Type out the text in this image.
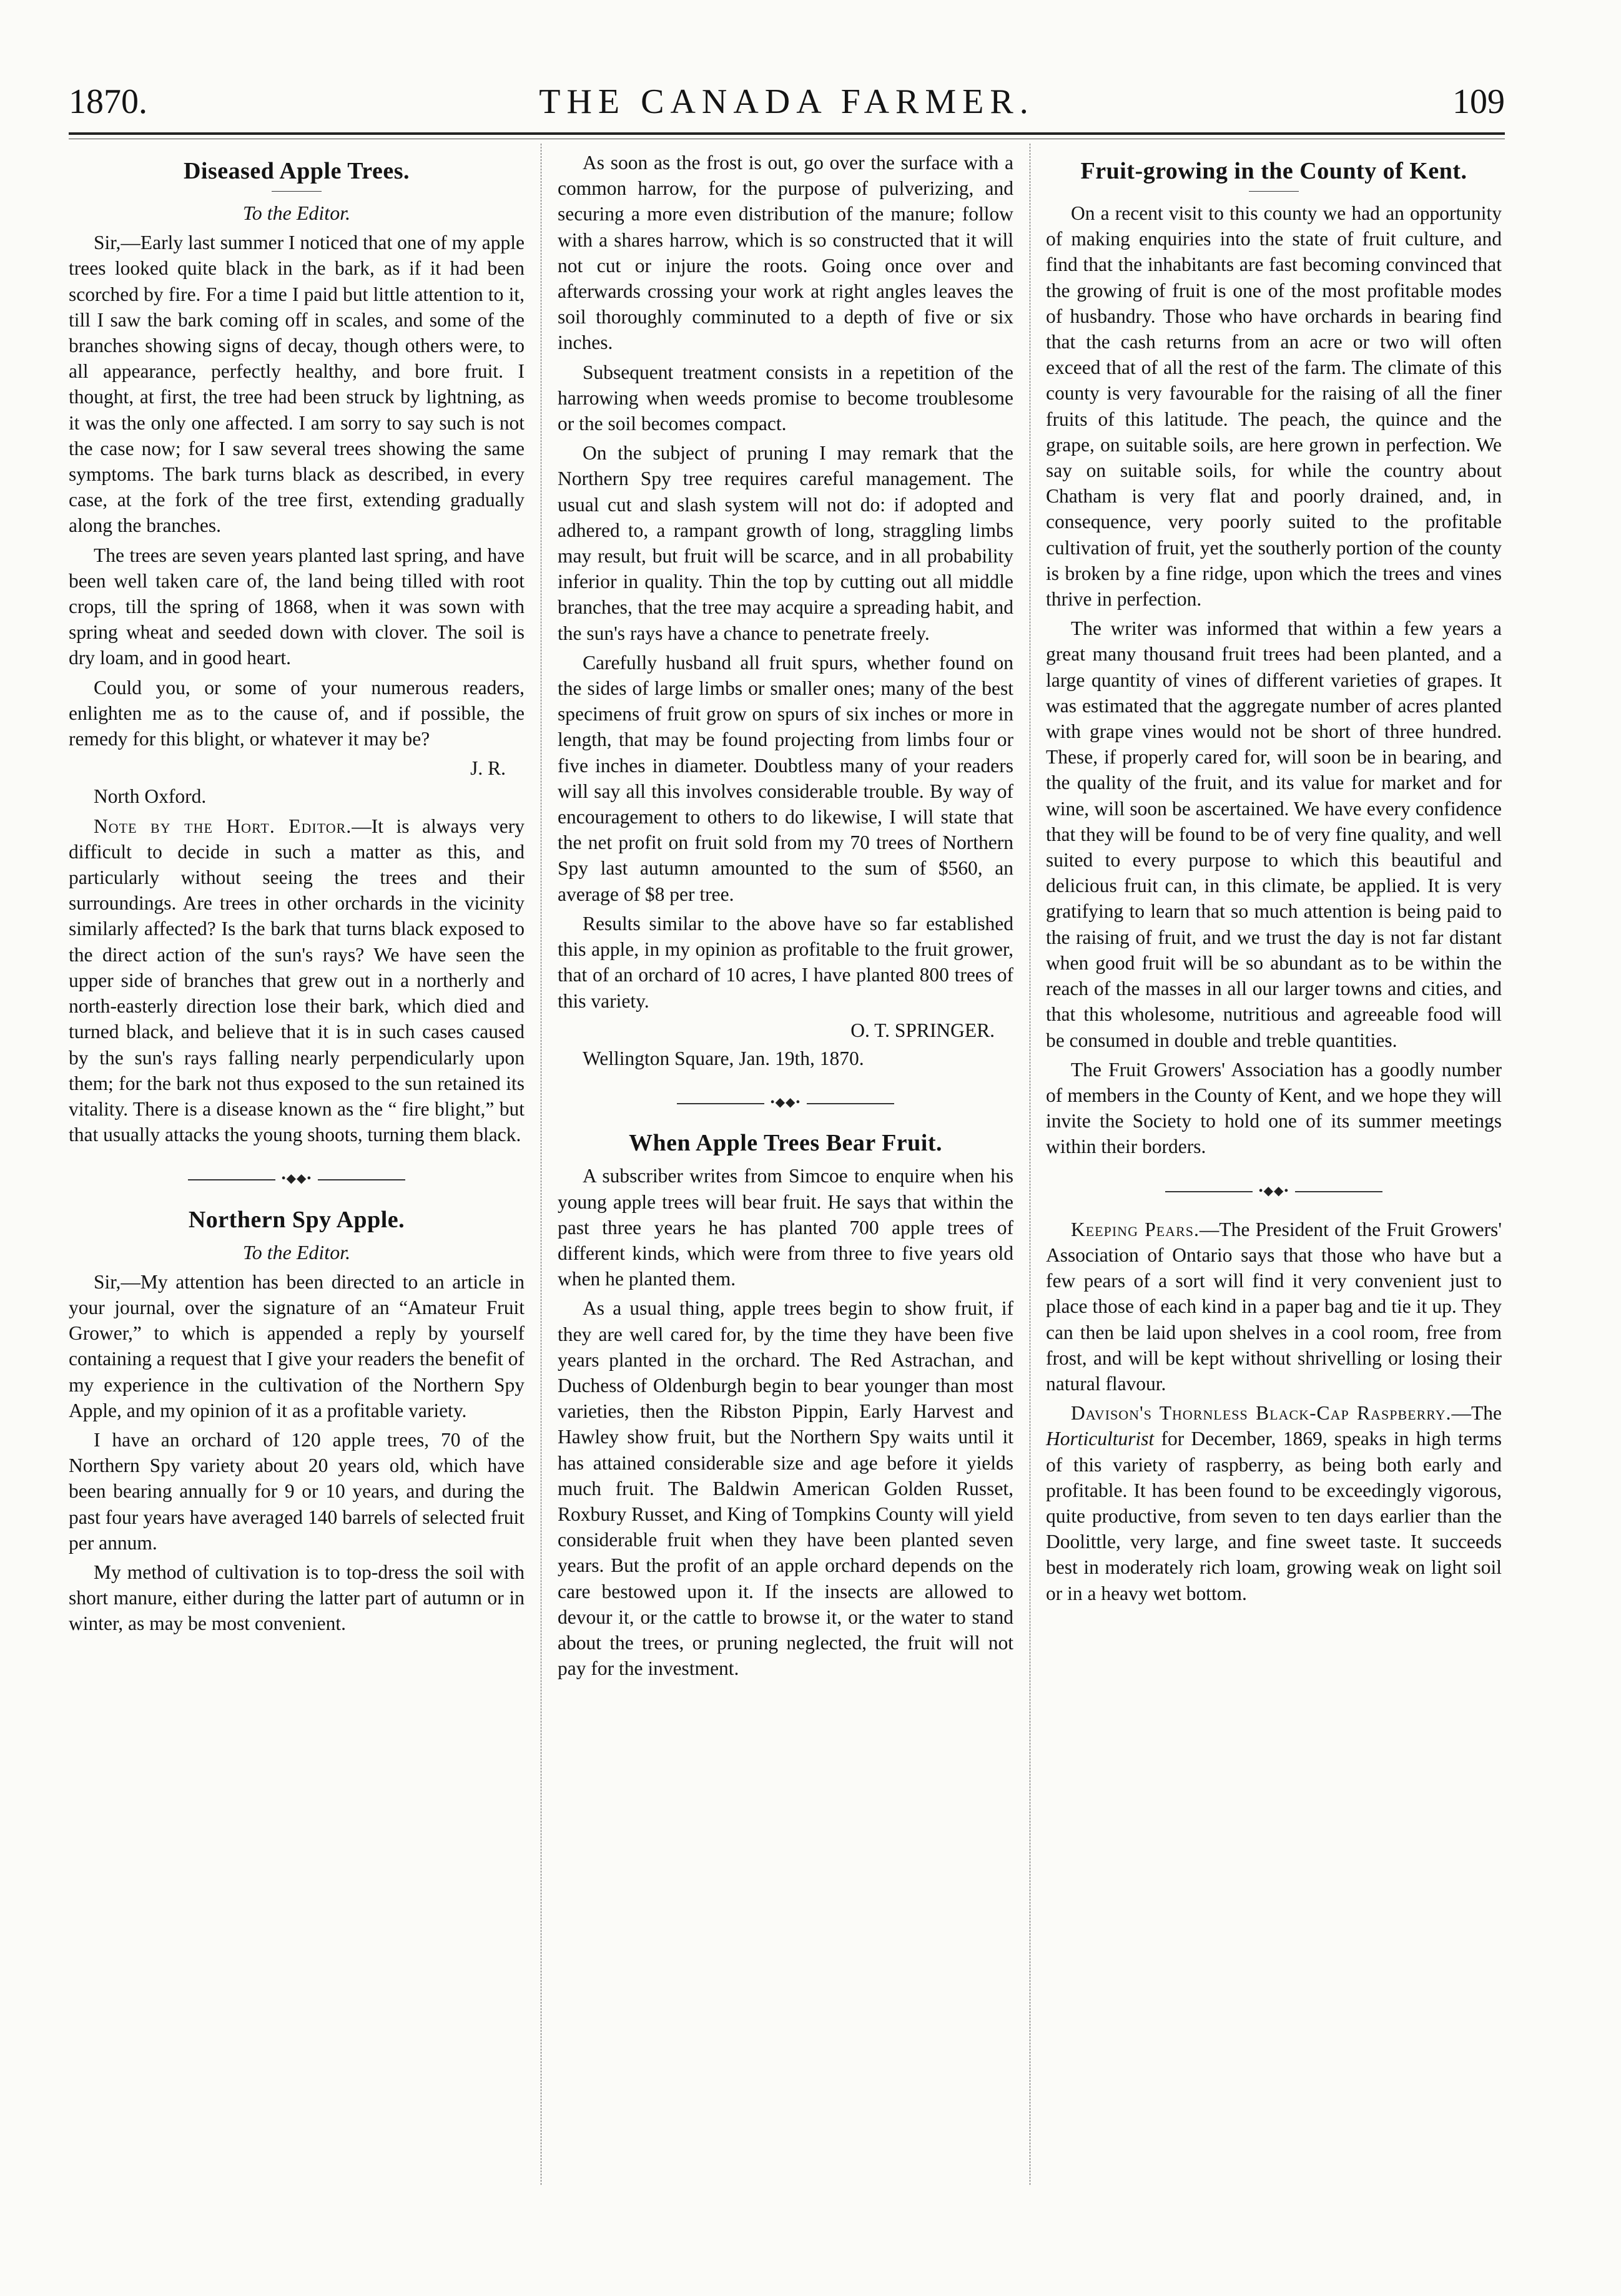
1870.	THE CANADA FARMER.	109
Diseased Apple Trees.
To the Editor.

Sir,—Early last summer I noticed that one of my apple trees looked quite black in the bark, as if it had been scorched by fire. For a time I paid but little attention to it, till I saw the bark coming off in scales, and some of the branches showing signs of decay, though others were, to all appearance, perfectly healthy, and bore fruit. I thought, at first, the tree had been struck by lightning, as it was the only one affected. I am sorry to say such is not the case now; for I saw several trees showing the same symptoms. The bark turns black as described, in every case, at the fork of the tree first, extending gradually along the branches.

The trees are seven years planted last spring, and have been well taken care of, the land being tilled with root crops, till the spring of 1868, when it was sown with spring wheat and seeded down with clover. The soil is dry loam, and in good heart.

Could you, or some of your numerous readers, enlighten me as to the cause of, and if possible, the remedy for this blight, or whatever it may be?

J. R.

North Oxford.

Note by the Hort. Editor.—It is always very difficult to decide in such a matter as this, and particularly without seeing the trees and their surroundings. Are trees in other orchards in the vicinity similarly affected? Is the bark that turns black exposed to the direct action of the sun's rays? We have seen the upper side of branches that grew out in a northerly and north-easterly direction lose their bark, which died and turned black, and believe that it is in such cases caused by the sun's rays falling nearly perpendicularly upon them; for the bark not thus exposed to the sun retained its vitality. There is a disease known as the “ fire blight,” but that usually attacks the young shoots, turning them black.

•◆◆•
Northern Spy Apple.
To the Editor.

Sir,—My attention has been directed to an article in your journal, over the signature of an “Amateur Fruit Grower,” to which is appended a reply by yourself containing a request that I give your readers the benefit of my experience in the cultivation of the Northern Spy Apple, and my opinion of it as a profitable variety.

I have an orchard of 120 apple trees, 70 of the Northern Spy variety about 20 years old, which have been bearing annually for 9 or 10 years, and during the past four years have averaged 140 barrels of selected fruit per annum.

My method of cultivation is to top-dress the soil with short manure, either during the latter part of autumn or in winter, as may be most convenient.

As soon as the frost is out, go over the surface with a common harrow, for the purpose of pulverizing, and securing a more even distribution of the manure; follow with a shares harrow, which is so constructed that it will not cut or injure the roots. Going once over and afterwards crossing your work at right angles leaves the soil thoroughly comminuted to a depth of five or six inches.

Subsequent treatment consists in a repetition of the harrowing when weeds promise to become troublesome or the soil becomes compact.

On the subject of pruning I may remark that the Northern Spy tree requires careful management. The usual cut and slash system will not do: if adopted and adhered to, a rampant growth of long, straggling limbs may result, but fruit will be scarce, and in all probability inferior in quality. Thin the top by cutting out all middle branches, that the tree may acquire a spreading habit, and the sun's rays have a chance to penetrate freely.

Carefully husband all fruit spurs, whether found on the sides of large limbs or smaller ones; many of the best specimens of fruit grow on spurs of six inches or more in length, that may be found projecting from limbs four or five inches in diameter. Doubtless many of your readers will say all this involves considerable trouble. By way of encouragement to others to do likewise, I will state that the net profit on fruit sold from my 70 trees of Northern Spy last autumn amounted to the sum of $560, an average of $8 per tree.

Results similar to the above have so far established this apple, in my opinion as profitable to the fruit grower, that of an orchard of 10 acres, I have planted 800 trees of this variety.

O. T. SPRINGER.

Wellington Square, Jan. 19th, 1870.

•◆◆•
When Apple Trees Bear Fruit.

A subscriber writes from Simcoe to enquire when his young apple trees will bear fruit. He says that within the past three years he has planted 700 apple trees of different kinds, which were from three to five years old when he planted them.

As a usual thing, apple trees begin to show fruit, if they are well cared for, by the time they have been five years planted in the orchard. The Red Astrachan, and Duchess of Oldenburgh begin to bear younger than most varieties, then the Ribston Pippin, Early Harvest and Hawley show fruit, but the Northern Spy waits until it has attained considerable size and age before it yields much fruit. The Baldwin American Golden Russet, Roxbury Russet, and King of Tompkins County will yield considerable fruit when they have been planted seven years. But the profit of an apple orchard depends on the care bestowed upon it. If the insects are allowed to devour it, or the cattle to browse it, or the water to stand about the trees, or pruning neglected, the fruit will not pay for the investment.

Fruit-growing in the County of Kent.

On a recent visit to this county we had an opportunity of making enquiries into the state of fruit culture, and find that the inhabitants are fast becoming convinced that the growing of fruit is one of the most profitable modes of husbandry. Those who have orchards in bearing find that the cash returns from an acre or two will often exceed that of all the rest of the farm. The climate of this county is very favourable for the raising of all the finer fruits of this latitude. The peach, the quince and the grape, on suitable soils, are here grown in perfection. We say on suitable soils, for while the country about Chatham is very flat and poorly drained, and, in consequence, very poorly suited to the profitable cultivation of fruit, yet the southerly portion of the county is broken by a fine ridge, upon which the trees and vines thrive in perfection.

The writer was informed that within a few years a great many thousand fruit trees had been planted, and a large quantity of vines of different varieties of grapes. It was estimated that the aggregate number of acres planted with grape vines would not be short of three hundred. These, if properly cared for, will soon be in bearing, and the quality of the fruit, and its value for market and for wine, will soon be ascertained. We have every confidence that they will be found to be of very fine quality, and well suited to every purpose to which this beautiful and delicious fruit can, in this climate, be applied. It is very gratifying to learn that so much attention is being paid to the raising of fruit, and we trust the day is not far distant when good fruit will be so abundant as to be within the reach of the masses in all our larger towns and cities, and that this wholesome, nutritious and agreeable food will be consumed in double and treble quantities.

The Fruit Growers' Association has a goodly number of members in the County of Kent, and we hope they will invite the Society to hold one of its summer meetings within their borders.

•◆◆•

Keeping Pears.—The President of the Fruit Growers' Association of Ontario says that those who have but a few pears of a sort will find it very convenient just to place those of each kind in a paper bag and tie it up. They can then be laid upon shelves in a cool room, free from frost, and will be kept without shrivelling or losing their natural flavour.

Davison's Thornless Black-Cap Raspberry.—The Horticulturist for December, 1869, speaks in high terms of this variety of raspberry, as being both early and profitable. It has been found to be exceedingly vigorous, quite productive, from seven to ten days earlier than the Doolittle, very large, and fine sweet taste. It succeeds best in moderately rich loam, growing weak on light soil or in a heavy wet bottom.
